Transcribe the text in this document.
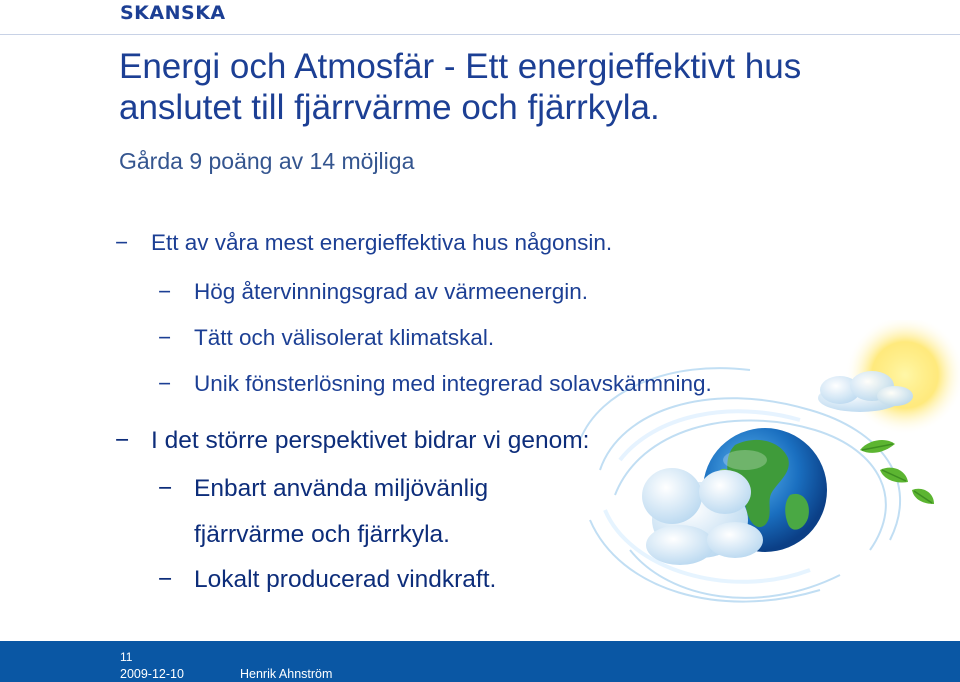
SKANSKA
Energi och Atmosfär - Ett energieffektivt hus anslutet till fjärrvärme och fjärrkyla.
Gårda 9 poäng av 14 möjliga
− Ett av våra mest energieffektiva hus någonsin.
− Hög återvinningsgrad av värmeenergin.
− Tätt och välisolerat klimatskal.
− Unik fönsterlösning med integrerad solavskärmning.
− I det större perspektivet bidrar vi genom:
− Enbart använda miljövänlig
fjärrvärme och fjärrkyla.
− Lokalt producerad vindkraft.
11
2009-12-10	Henrik Ahnström
